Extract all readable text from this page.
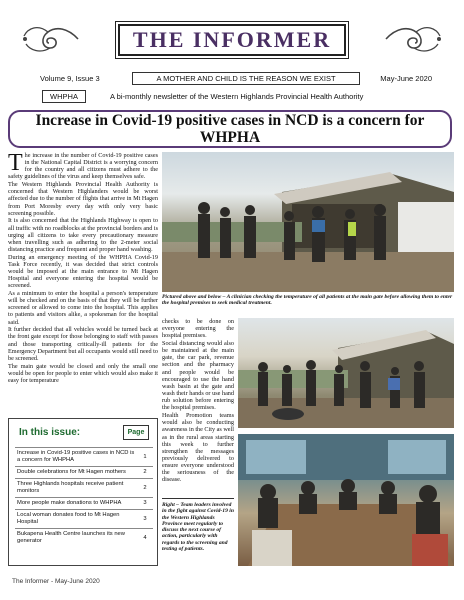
THE INFORMER
Volume 9, Issue 3	A MOTHER AND CHILD IS THE REASON WE EXIST	May-June 2020
WHPHA	A bi-monthly newsletter of the Western Highlands Provincial Health Authority
Increase in Covid-19 positive cases in NCD is a concern for WHPHA

The increase in the number of Covid-19 positive cases in the National Capital District is a worrying concern for the country and all citizens must adhere to the safety guidelines of the virus and keep themselves safe.

The Western Highlands Provincial Health Authority is concerned that Western Highlanders would be worst affected due to the number of flights that arrive in Mt Hagen from Port Moresby every day with only very basic screening possible.

It is also concerned that the Highlands Highway is open to all traffic with no roadblocks at the provincial borders and is urging all citizens to take every precautionary measure when travelling such as adhering to the 2-meter social distancing practice and frequent and proper hand washing.

During an emergency meeting of the WHPHA Covid-19 Task Force recently, it was decided that strict controls would be imposed at the main entrance to Mt Hagen Hospital and everyone entering the hospital would be screened.

As a minimum to enter the hospital a person's temperature will be checked and on the basis of that they will be further screened or allowed to come into the hospital. This applies to patients and visitors alike, a spokesman for the hospital said.

It further decided that all vehicles would be turned back at the front gate except for those belonging to staff with passes and those transporting critically-ill patients for the Emergency Department but all occupants would still need to be screened.

The main gate would be closed and only the small one would be open for people to enter which would also make it easy for temperature

Pictured above and below – A clinician checking the temperature of all patients at the main gate before allowing them to enter the hospital premises to seek medical treatment.

checks to be done on everyone entering the hospital premises.

Social distancing would also be maintained at the main gate, the car park, revenue section and the pharmacy and people would be encouraged to use the hand wash basin at the gate and wash their hands or use hand rub solution before entering the hospital premises.

Health Promotion teams would also be conducting awareness in the City as well as in the rural areas starting this week to further strengthen the messages previously delivered to ensure everyone understood the seriousness of the disease.

Right – Team leaders involved in the fight against Covid-19 in the Western Highlands Province meet regularly to discuss the next course of action, particularly with regards to the screening and testing of patients.
In this issue:	Page
Increase in Covid-19 positive cases in NCD is a concern for WHPHA	1
Double celebrations for Mt Hagen mothers	2
Three Highlands hospitals receive patient monitors	2
More people make donations to WHPHA	3
Local woman donates food to Mt Hagen Hospital	3
Bukapena Health Centre launches its new generator	4
The Informer - May-June 2020
